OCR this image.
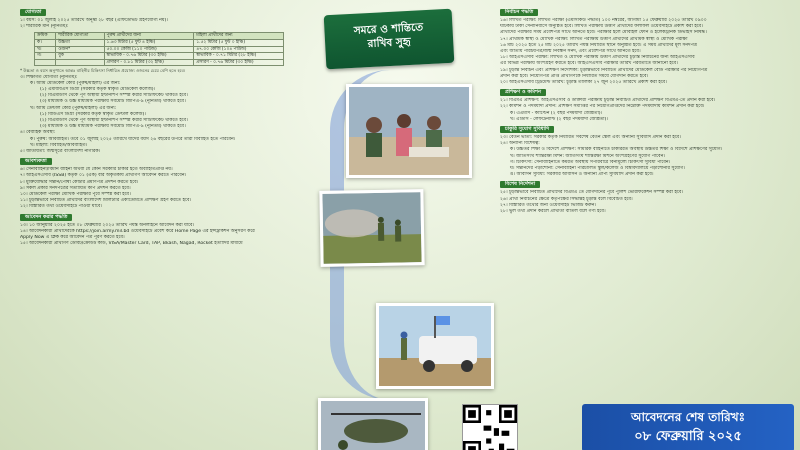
যোগ্যতা
১। বয়স: ০১ জুলাই ২০২৫ তারিখে অনূর্ধ্ব ২৮ বছর (এফিডেভিট গ্রহণযোগ্য নয়)।
২। শারীরিক মান (ন্যূনতম):
ক্রমিক	শারীরিক যোগ্যতা	পুরুষ প্রার্থীদের জন্য	মহিলা প্রার্থীদের জন্য
ক।	উচ্চতা	১.৬৩ মিটার (৫ ফুট ৪ ইঞ্চি)	১.৫২ মিটার (৫ ফুট ০ ইঞ্চি)
খ।	ওজন*	৫০.০০ কেজি (১১০ পাউন্ড)	৪৭.০০ কেজি (১০৪ পাউন্ড)
গ।	বুক	স্বাভাবিক - ০.৭৬ মিটার (৩০ ইঞ্চি)	স্বাভাবিক - ০.৭১ মিটার (২৮ ইঞ্চি)
		প্রসারণ - ০.৮১ মিটার (৩২ ইঞ্চি)	প্রসারণ - ০.৭৬ মিটার (৩০ ইঞ্চি)
* উচ্চতা ও বয়স অনুপাতে আন্তঃ বাহিনীর চিকিৎসা নির্ধারিত প্রযোজ্য ওজনের চেয়ে বেশি হতে হবে।
৩। শিক্ষাগত যোগ্যতা (ন্যূনতম):
ক। আর্মি মেডিকেল কোর (পুরুষ/মহিলা) এর জন্য:
(১) এমবিবিএস ডিগ্রী (সরকার কর্তৃক স্বীকৃত মেডিকেল কলেজ)।
(২) বিএমডিসি থেকে পূর্ণ অস্থায়ী ইন্টার্নশিপ সম্পন্ন করার সার্টিফিকেট থাকতে হবে।
(৩) মাধ্যমিক ও উচ্চ মাধ্যমিক পরীক্ষায় সর্বমোট জিপিএ-৯ (ন্যূনতম) থাকতে হবে।
খ। আর্মি ডেন্টাল কোর (পুরুষ/মহিলা) এর জন্য:
(১) বিডিএস ডিগ্রী (সরকার কর্তৃক স্বীকৃত ডেন্টাল কলেজ)।
(২) বিএমডিসি থেকে পূর্ণ অস্থায়ী ইন্টার্নশিপ সম্পন্ন করার সার্টিফিকেট থাকতে হবে।
(৩) মাধ্যমিক ও উচ্চ মাধ্যমিক পরীক্ষায় সর্বমোট জিপিএ-৯ (ন্যূনতম) থাকতে হবে।
৪। বৈবাহিক অবস্থা:
ক। পুরুষ: অবিবাহিত। তবে ০১ জুলাই ২০২৫ তারিখে যাদের বয়স ২৬ বছরের উপরে তারা বিবাহিত হতে পারবেন।
খ। মহিলা: বিবাহিত/অবিবাহিত।
৫। জাতীয়তা: জন্মসূত্রে বাংলাদেশী নাগরিক।
আবশ্যকতা
৬। সেনাবাহিনী/বিমান বাহিনী অথবা যে কোন সরকারি চাকরি হতে অব্যাহতিপ্রাপ্ত নয়।
৭। আইএসএসবি (ISSB) কর্তৃক ০১ (এক) বার অকৃতকার্য প্রার্থীগণ আবেদন করতে পারবেন।
৮। মুক্তিযোদ্ধার সন্তান/পোষ্য কোটার প্রমাণপত্র প্রদর্শন করতে হবে।
৯। সকল প্রকার সনদপত্রের সত্যায়িত কপি প্রদর্শন করতে হবে।
১০। মেডিকেল পরীক্ষা মৌখিক পরীক্ষার পূর্বে সম্পন্ন করা হবে।
১১। চূড়ান্তভাবে নির্বাচিত প্রার্থীদের বাংলাদেশ মিলিটারি একাডেমিতে প্রশিক্ষণ গ্রহণ করতে হবে।
১২। বিস্তারিত তথ্য ওয়েবসাইটে পাওয়া যাবে।
আবেদন করার পদ্ধতি
১৩। ১০ জানুয়ারি ২০২৫ হতে ০৮ ফেব্রুয়ারি ২০২৫ তারিখ পর্যন্ত অনলাইনে আবেদন করা যাবে।
১৪। আবেদনকারী প্রার্থীদেরকে https://join.army.mil.bd ওয়েবসাইটে প্রবেশ করে Home Page এর ইন্সট্রাকশন অনুসরণ করে
Apply Now এ ক্লিক করে আবেদন পত্র পূরণ করতে হবে।
১৫। আবেদনকারী প্রার্থীগণ ডেবিট/ক্রেডিট কার্ড, VISA/Master Card, TAP, Bkash, Nagad, Rocket ইত্যাদির মাধ্যমে
সমরে ও শান্তিতে
রাখিব সুহৃ
নির্বাচন পদ্ধতি
১৬। লিখিত পরীক্ষা: লিখিত পরীক্ষা (এমসিকিউ পদ্ধতি) ১০০ নম্বরের, আগামী ১৫ ফেব্রুয়ারি ২০২৫ তারিখ ০৯০০
ঘটিকায় ঢাকা সেনানিবাসে অনুষ্ঠিত হবে। লিখিত পরীক্ষায় উত্তীর্ণ প্রার্থীদের ফলাফল ওয়েবসাইটে প্রকাশ করা হবে।
প্রার্থীদের পরীক্ষার সময় প্রবেশপত্র সাথে আনতে হবে। পরীক্ষার হলে মোবাইল ফোন ও ইলেকট্রনিক ডিভাইস নিষিদ্ধ।
১৭। প্রাথমিক স্বাস্থ্য ও মৌখিক পরীক্ষা: লিখিত পরীক্ষায় উত্তীর্ণ প্রার্থীদের প্রাথমিক স্বাস্থ্য ও মৌখিক পরীক্ষা
১৬ মার্চ ২০২৫ হতে ২৫ মার্চ ২০২৫ তারিখ পর্যন্ত নির্ধারিত স্থানে অনুষ্ঠিত হবে। এ সময় প্রার্থীদের মূল সনদপত্র
এবং জাতীয় পরিচয়পত্র/জন্ম নিবন্ধন সনদ, এবং প্রবেশপত্র সাথে আনতে হবে।
১৮। আইএসএসবি পরীক্ষা: লিখিত ও মৌখিক পরীক্ষায় উত্তীর্ণ প্রার্থীদের চূড়ান্ত নির্বাচনের জন্য আইএসএসবি
এর বিভিন্ন পরীক্ষায় অংশগ্রহণ করতে হবে। আইএসএসবি পরীক্ষার তারিখ পরবর্তীতে জানানো হবে।
১৯। চূড়ান্ত নির্বাচন এবং প্রশিক্ষণ নির্দেশিকা: চূড়ান্তভাবে নির্বাচিত প্রার্থীদের মেডিকেল বোর্ড পরীক্ষার পর নিয়োগপত্র
প্রদান করা হবে। নিয়োগপত্র প্রাপ্ত প্রার্থীগণকে নির্ধারিত সময়ে যোগদান করতে হবে।
২০। আইএসএসবি ট্রিটমেন্ট তারিখ: চূড়ান্ত তালিকা ২৭ জুন ২০২৫ তারিখে প্রকাশ করা হবে।
প্রশিক্ষণ ও কমিশন
২১। বিএমএ প্রশিক্ষণ: আইএসএসবি ও ডাক্তারী পরীক্ষায় চূড়ান্ত নির্বাচিত প্রার্থীদের প্রশিক্ষণ বিএমএ-তে প্রদান করা হবে।
২২। কমিশন ও পদমর্যাদা প্রদান: প্রশিক্ষণ সমাপ্তির পর নিয়োগপ্রাপ্তদের নিম্নোক্ত পদমর্যাদায় কমিশন প্রদান করা হবে।
ক। এএমসি - ক্যাপ্টেন (২ বছর পদমর্যাদা জ্যেষ্ঠতা)।
খ। এডিসি - লেফটেন্যান্ট (২ বছর পদমর্যাদা জ্যেষ্ঠতা)।
চাকুরি সুযোগ সুবিধাদি
২৩। বেতন ভাতা: সরকার কর্তৃক নির্ধারিত সর্বশেষ বেতন স্কেল এবং অন্যান্য সুবিধাদি প্রদান করা হবে।
২৪। অন্যান্য বিশেষত্ব:
ক। উচ্চতর শিক্ষা ও বিদেশে প্রশিক্ষণ: সামরিক বাহিনীতে চাকরিরত অবস্থায় উচ্চতর শিক্ষা ও বিদেশে প্রশিক্ষণের সুযোগ।
খ। জাতিসংঘ শান্তিরক্ষা মিশন: জাতিসংঘ শান্তিরক্ষা মিশনে অংশগ্রহণের সুযোগ পাবেন।
গ। চিকিৎসা: সেনাবাহিনীতে কর্মরত অবস্থায় সপরিবারে বিনামূল্যে চিকিৎসা সুবিধা পাবেন।
ঘ। সন্তানদের পড়াশোনা: সেনাবাহিনী পরিচালিত স্কুল/কলেজ ও বিশ্ববিদ্যালয়ে পড়াশোনার সুযোগ।
ঙ। আবাসন সুবিধা: সরকারি আবাসন ও অন্যান্য প্রাপ্য সুবিধাদি প্রদান করা হবে।
বিশেষ নির্দেশনা
২৫। চূড়ান্তভাবে নির্বাচিত প্রার্থীদের বিএমএ তে যোগদানের পূর্বে পুলিশ ভেরিফিকেশন সম্পন্ন করা হবে।
২৬। প্রার্থী নির্বাচনের ক্ষেত্রে কর্তৃপক্ষের সিদ্ধান্তই চূড়ান্ত বলে বিবেচিত হবে।
২৭। বিস্তারিত তথ্যের জন্য ওয়েবসাইট ভিজিট করুন।
২৮। ভুল তথ্য প্রদান করলে প্রার্থীতা বাতিল বলে গণ্য হবে।
আবেদনের শেষ তারিখঃ
০৮ ফেব্রুয়ারি ২০২৫
